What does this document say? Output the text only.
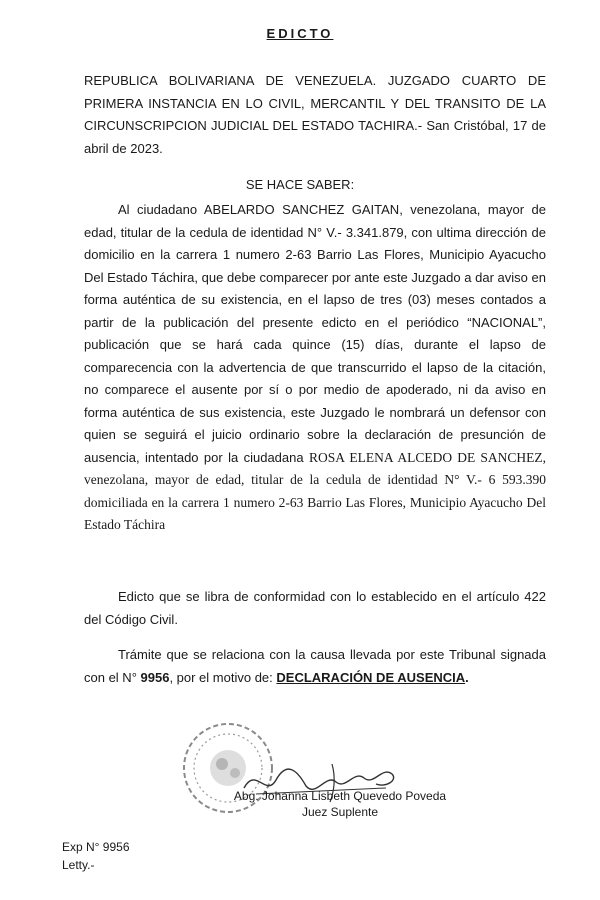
EDICTO
REPUBLICA BOLIVARIANA DE VENEZUELA. JUZGADO CUARTO DE PRIMERA INSTANCIA EN LO CIVIL, MERCANTIL Y DEL TRANSITO DE LA CIRCUNSCRIPCION JUDICIAL DEL ESTADO TACHIRA.- San Cristóbal, 17 de abril de 2023.
SE HACE SABER:
Al ciudadano ABELARDO SANCHEZ GAITAN, venezolana, mayor de edad, titular de la cedula de identidad N° V.- 3.341.879, con ultima dirección de domicilio en la carrera 1 numero 2-63 Barrio Las Flores, Municipio Ayacucho Del Estado Táchira, que debe comparecer por ante este Juzgado a dar aviso en forma auténtica de su existencia, en el lapso de tres (03) meses contados a partir de la publicación del presente edicto en el periódico “NACIONAL”, publicación que se hará cada quince (15) días, durante el lapso de comparecencia con la advertencia de que transcurrido el lapso de la citación, no comparece el ausente por sí o por medio de apoderado, ni da aviso en forma auténtica de sus existencia, este Juzgado le nombrará un defensor con quien se seguirá el juicio ordinario sobre la declaración de presunción de ausencia, intentado por la ciudadana ROSA ELENA ALCEDO DE SANCHEZ, venezolana, mayor de edad, titular de la cedula de identidad N° V.- 6 593.390 domiciliada en la carrera 1 numero 2-63 Barrio Las Flores, Municipio Ayacucho Del Estado Táchira
Edicto que se libra de conformidad con lo establecido en el artículo 422 del Código Civil.
Trámite que se relaciona con la causa llevada por este Tribunal signada con el N° 9956, por el motivo de: DECLARACIÓN DE AUSENCIA.
Abg. Johanna Lisbeth Quevedo Poveda
Juez Suplente
Exp N° 9956
Letty.-
